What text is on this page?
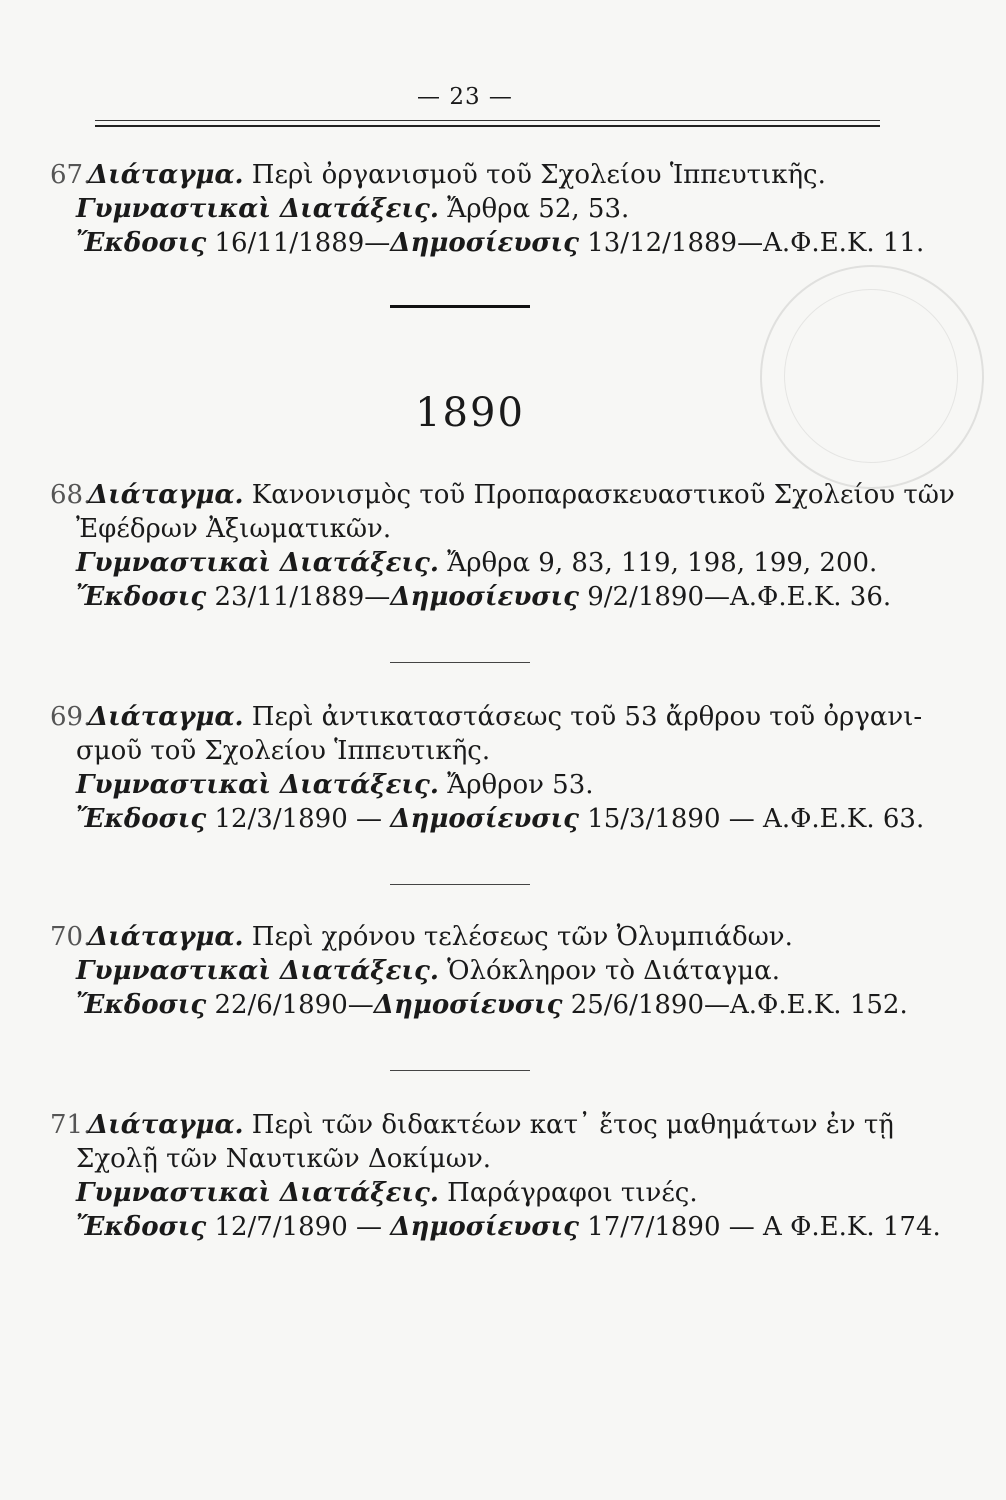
— 23 —
67.Διάταγμα. Περὶ ὀργανισμοῦ τοῦ Σχολείου Ἱππευτικῆς.
Γυμναστικαὶ Διατάξεις. Ἄρθρα 52, 53.
Ἔκδοσις 16/11/1889—Δημοσίευσις 13/12/1889—Α.Φ.Ε.Κ. 11.
1890
68.Διάταγμα. Κανονισμὸς τοῦ Προπαρασκευαστικοῦ Σχολείου τῶν
Ἐφέδρων Ἀξιωματικῶν.
Γυμναστικαὶ Διατάξεις. Ἄρθρα 9, 83, 119, 198, 199, 200.
Ἔκδοσις 23/11/1889—Δημοσίευσις 9/2/1890—Α.Φ.Ε.Κ. 36.
69.Διάταγμα. Περὶ ἀντικαταστάσεως τοῦ 53 ἄρθρου τοῦ ὀργανι-
σμοῦ τοῦ Σχολείου Ἱππευτικῆς.
Γυμναστικαὶ Διατάξεις. Ἄρθρον 53.
Ἔκδοσις 12/3/1890 — Δημοσίευσις 15/3/1890 — Α.Φ.Ε.Κ. 63.
70.Διάταγμα. Περὶ χρόνου τελέσεως τῶν Ὀλυμπιάδων.
Γυμναστικαὶ Διατάξεις. Ὁλόκληρον τὸ Διάταγμα.
Ἔκδοσις 22/6/1890—Δημοσίευσις 25/6/1890—Α.Φ.Ε.Κ. 152.
71.Διάταγμα. Περὶ τῶν διδακτέων κατ᾽ ἔτος μαθημάτων ἐν τῇ
Σχολῇ τῶν Ναυτικῶν Δοκίμων.
Γυμναστικαὶ Διατάξεις. Παράγραφοι τινές.
Ἔκδοσις 12/7/1890 — Δημοσίευσις 17/7/1890 — Α Φ.Ε.Κ. 174.
